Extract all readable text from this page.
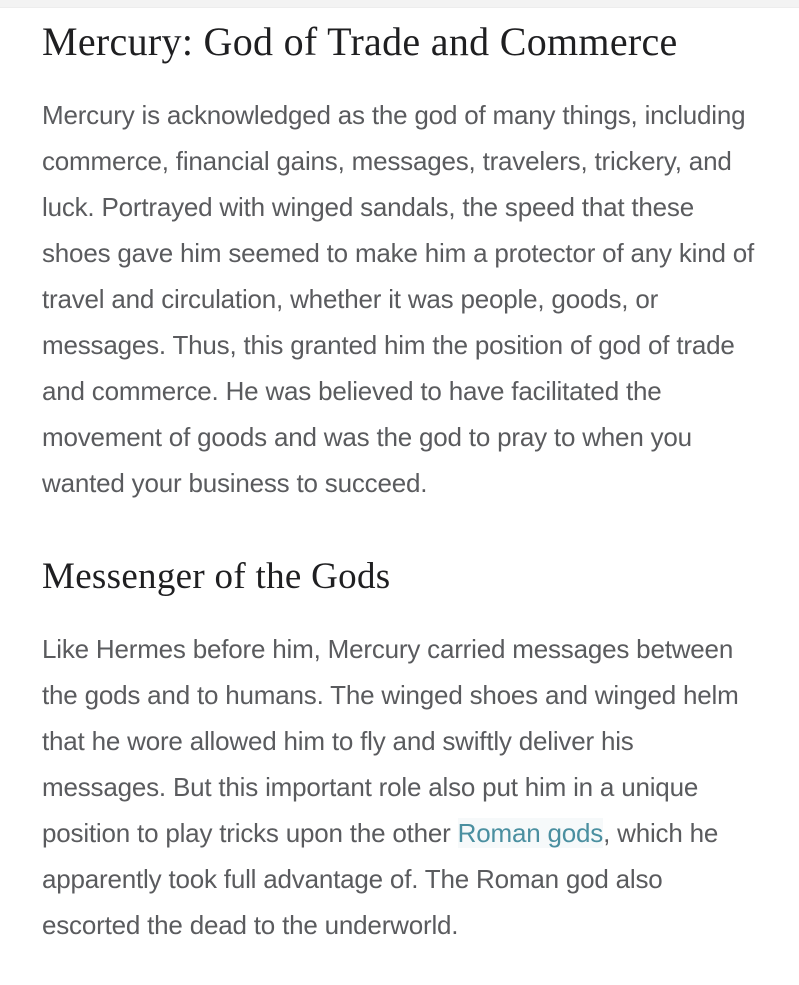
Mercury: God of Trade and Commerce

Mercury is acknowledged as the god of many things, including commerce, financial gains, messages, travelers, trickery, and luck. Portrayed with winged sandals, the speed that these shoes gave him seemed to make him a protector of any kind of travel and circulation, whether it was people, goods, or messages. Thus, this granted him the position of god of trade and commerce. He was believed to have facilitated the movement of goods and was the god to pray to when you wanted your business to succeed.

Messenger of the Gods

Like Hermes before him, Mercury carried messages between the gods and to humans. The winged shoes and winged helm that he wore allowed him to fly and swiftly deliver his messages. But this important role also put him in a unique position to play tricks upon the other Roman gods, which he apparently took full advantage of. The Roman god also escorted the dead to the underworld.
